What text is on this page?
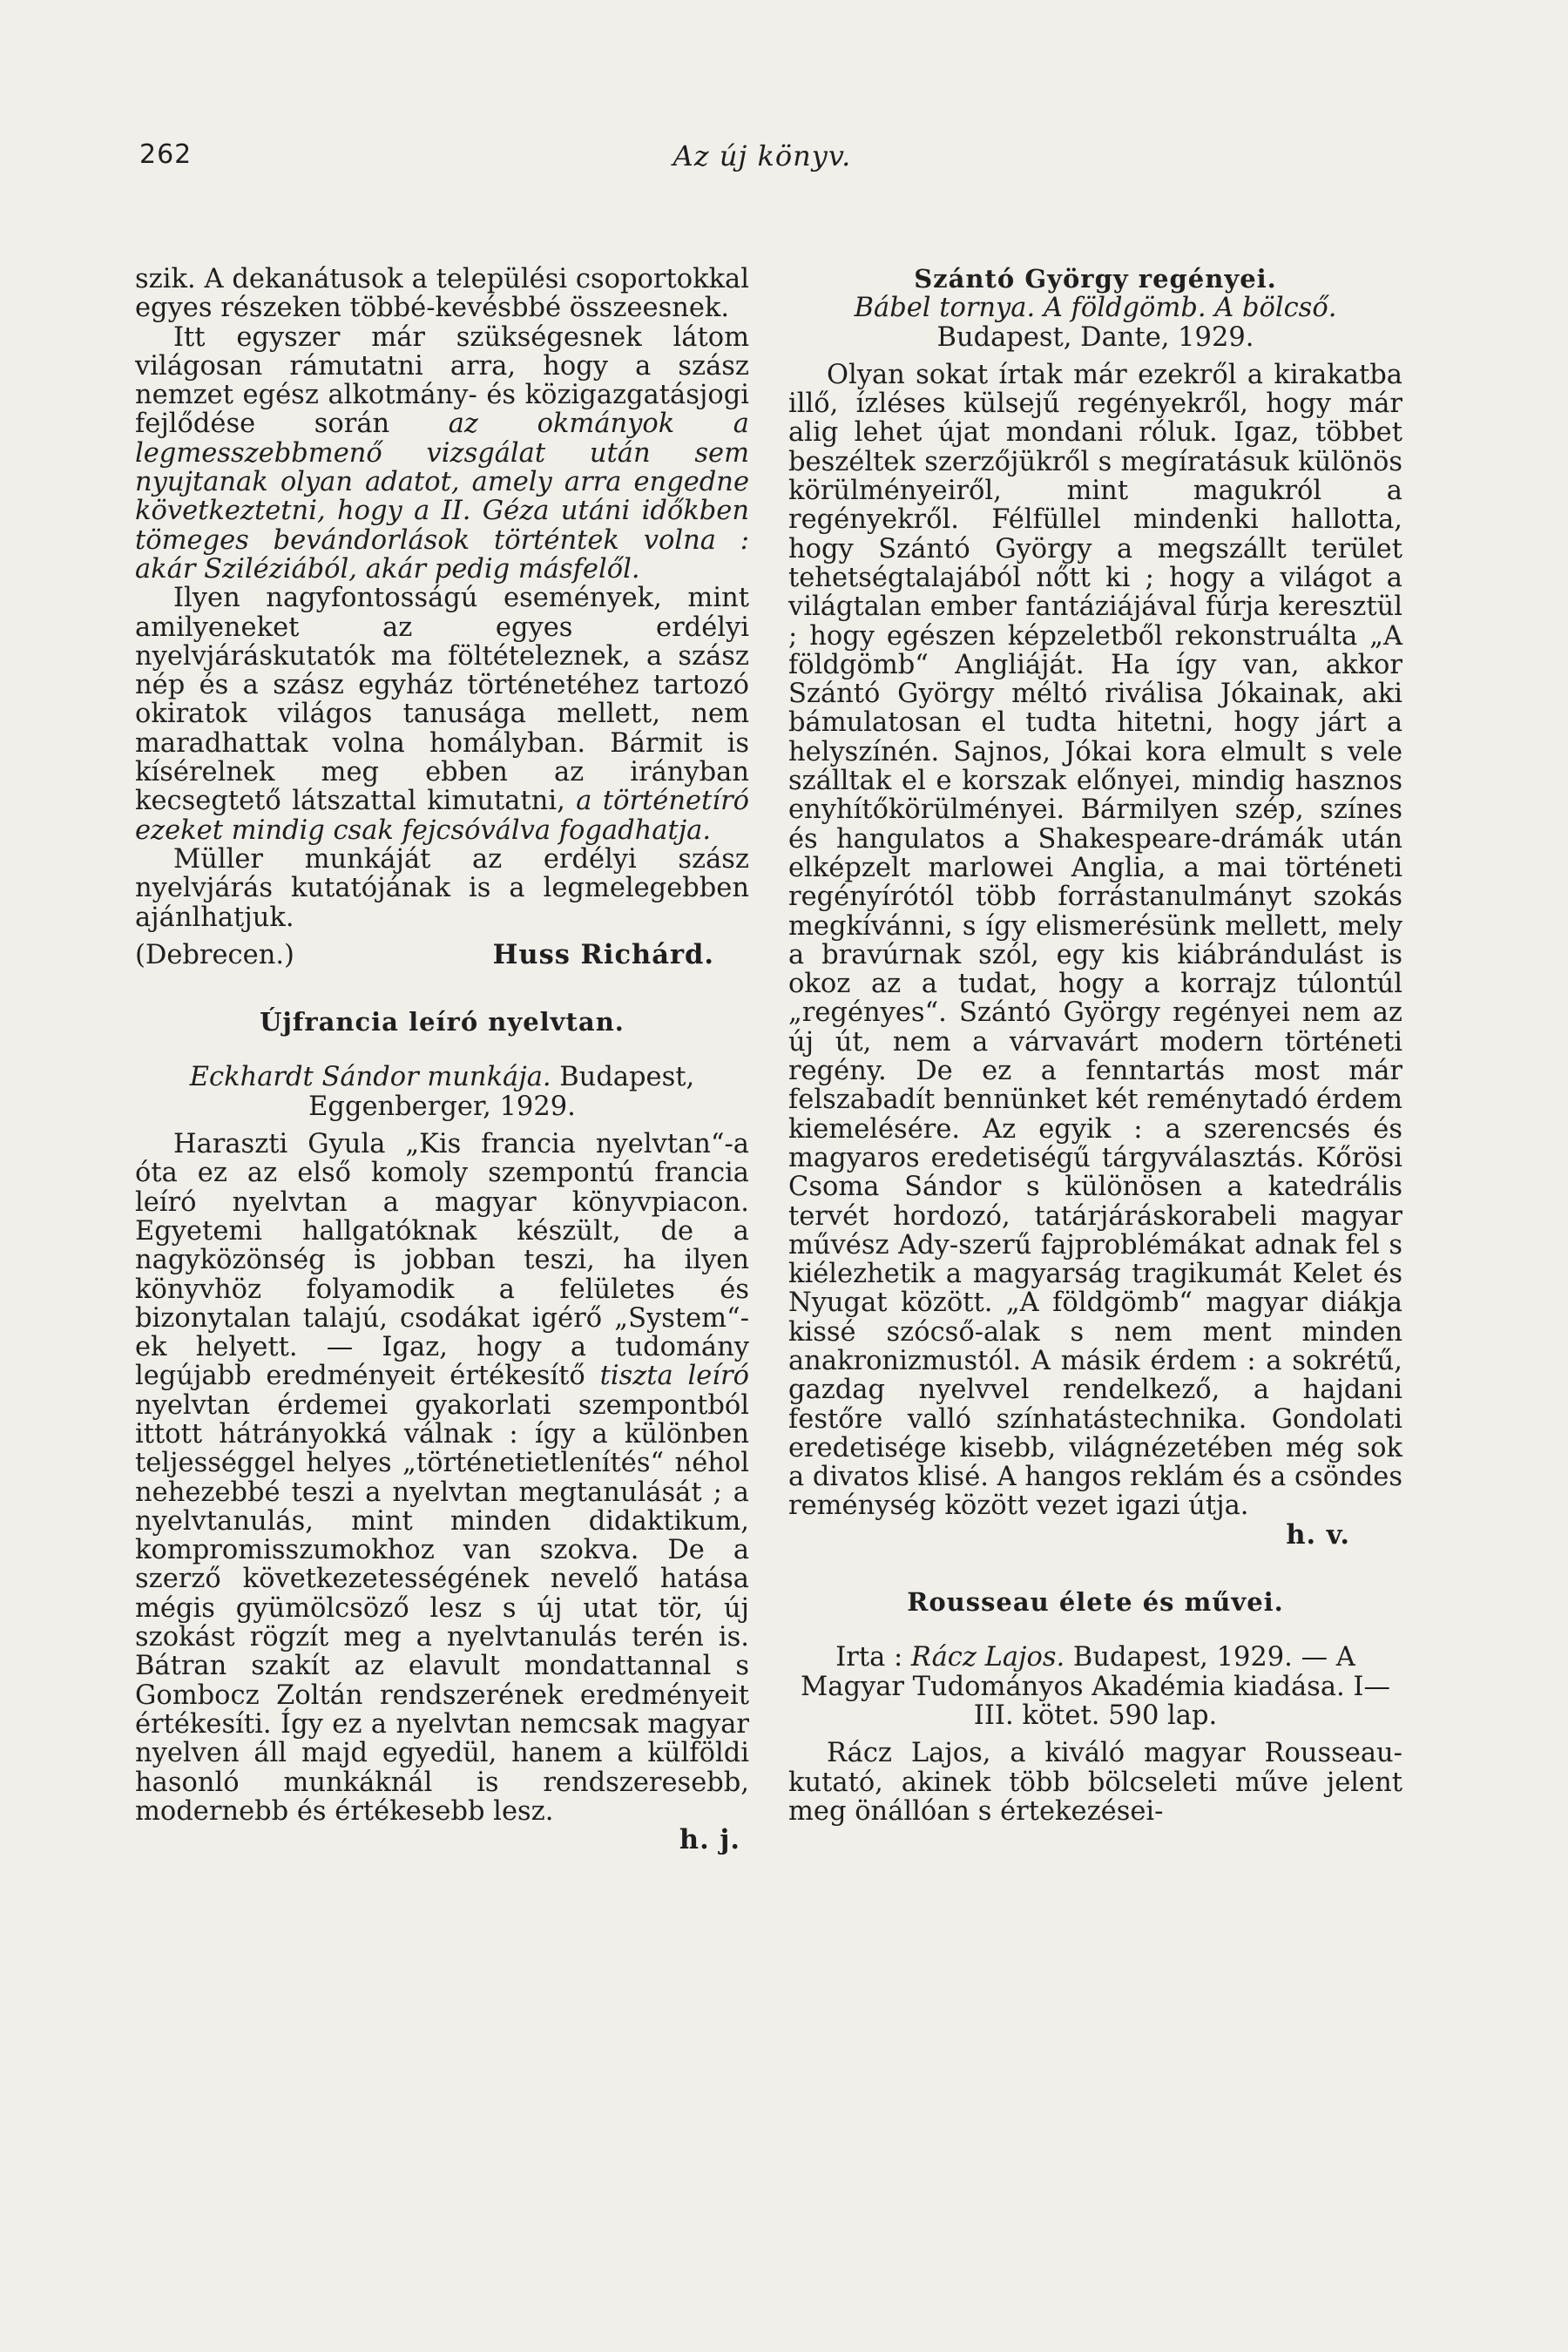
262	Az új könyv.

szik. A dekanátusok a települési csoportokkal egyes részeken többé-kevésbbé összeesnek.

Itt egyszer már szükségesnek látom világosan rámutatni arra, hogy a szász nemzet egész alkotmány- és közigazgatásjogi fejlődése során az okmányok a legmesszebbmenő vizsgálat után sem nyujtanak olyan adatot, amely arra engedne következtetni, hogy a II. Géza utáni időkben tömeges bevándorlások történtek volna : akár Sziléziából, akár pedig másfelől.

Ilyen nagyfontosságú események, mint amilyeneket az egyes erdélyi nyelvjáráskutatók ma föltételeznek, a szász nép és a szász egyház történetéhez tartozó okiratok világos tanusága mellett, nem maradhattak volna homályban. Bármit is kísérelnek meg ebben az irányban kecsegtető látszattal kimutatni, a történetíró ezeket mindig csak fejcsóválva fogadhatja.

Müller munkáját az erdélyi szász nyelvjárás kutatójának is a legmelegebben ajánlhatjuk.

(Debrecen.)	Huss Richárd.

Újfrancia leíró nyelvtan.

Eckhardt Sándor munkája. Budapest, Eggenberger, 1929.

Haraszti Gyula „Kis francia nyelvtan“-a óta ez az első komoly szempontú francia leíró nyelvtan a magyar könyvpiacon. Egyetemi hallgatóknak készült, de a nagyközönség is jobban teszi, ha ilyen könyvhöz folyamodik a felületes és bizonytalan talajú, csodákat igérő „System“-ek helyett. — Igaz, hogy a tudomány legújabb eredményeit értékesítő tiszta leíró nyelvtan érdemei gyakorlati szempontból ittott hátrányokká válnak : így a különben teljességgel helyes „történetietlenítés“ néhol nehezebbé teszi a nyelvtan megtanulását ; a nyelvtanulás, mint minden didaktikum, kompromisszumokhoz van szokva. De a szerző következetességének nevelő hatása mégis gyümölcsöző lesz s új utat tör, új szokást rögzít meg a nyelvtanulás terén is. Bátran szakít az elavult mondattannal s Gombocz Zoltán rendszerének eredményeit értékesíti. Így ez a nyelvtan nemcsak magyar nyelven áll majd egyedül, hanem a külföldi hasonló munkáknál is rendszeresebb, modernebb és értékesebb lesz.

h. j.

Szántó György regényei.

Bábel tornya. A földgömb. A bölcső.

Budapest, Dante, 1929.

Olyan sokat írtak már ezekről a kirakatba illő, ízléses külsejű regényekről, hogy már alig lehet újat mondani róluk. Igaz, többet beszéltek szerzőjükről s megíratásuk különös körülményeiről, mint magukról a regényekről. Félfüllel mindenki hallotta, hogy Szántó György a megszállt terület tehetségtalajából nőtt ki ; hogy a világot a világtalan ember fantáziájával fúrja keresztül ; hogy egészen képzeletből rekonstruálta „A földgömb“ Angliáját. Ha így van, akkor Szántó György méltó riválisa Jókainak, aki bámulatosan el tudta hitetni, hogy járt a helyszínén. Sajnos, Jókai kora elmult s vele szálltak el e korszak előnyei, mindig hasznos enyhítőkörülményei. Bármilyen szép, színes és hangulatos a Shakespeare-drámák után elképzelt marlowei Anglia, a mai történeti regényírótól több forrástanulmányt szokás megkívánni, s így elismerésünk mellett, mely a bravúrnak szól, egy kis kiábrándulást is okoz az a tudat, hogy a korrajz túlontúl „regényes“. Szántó György regényei nem az új út, nem a várvavárt modern történeti regény. De ez a fenntartás most már felszabadít bennünket két reménytadó érdem kiemelésére. Az egyik : a szerencsés és magyaros eredetiségű tárgyválasztás. Kőrösi Csoma Sándor s különösen a katedrális tervét hordozó, tatárjáráskorabeli magyar művész Ady-szerű fajproblémákat adnak fel s kiélezhetik a magyarság tragikumát Kelet és Nyugat között. „A földgömb“ magyar diákja kissé szócső-alak s nem ment minden anakronizmustól. A másik érdem : a sokrétű, gazdag nyelvvel rendelkező, a hajdani festőre valló színhatástechnika. Gondolati eredetisége kisebb, világnézetében még sok a divatos klisé. A hangos reklám és a csöndes reménység között vezet igazi útja.

h. v.

Rousseau élete és művei.

Irta : Rácz Lajos. Budapest, 1929. — A Magyar Tudományos Akadémia kiadása. I—III. kötet. 590 lap.

Rácz Lajos, a kiváló magyar Rousseau-kutató, akinek több bölcseleti műve jelent meg önállóan s értekezései-
